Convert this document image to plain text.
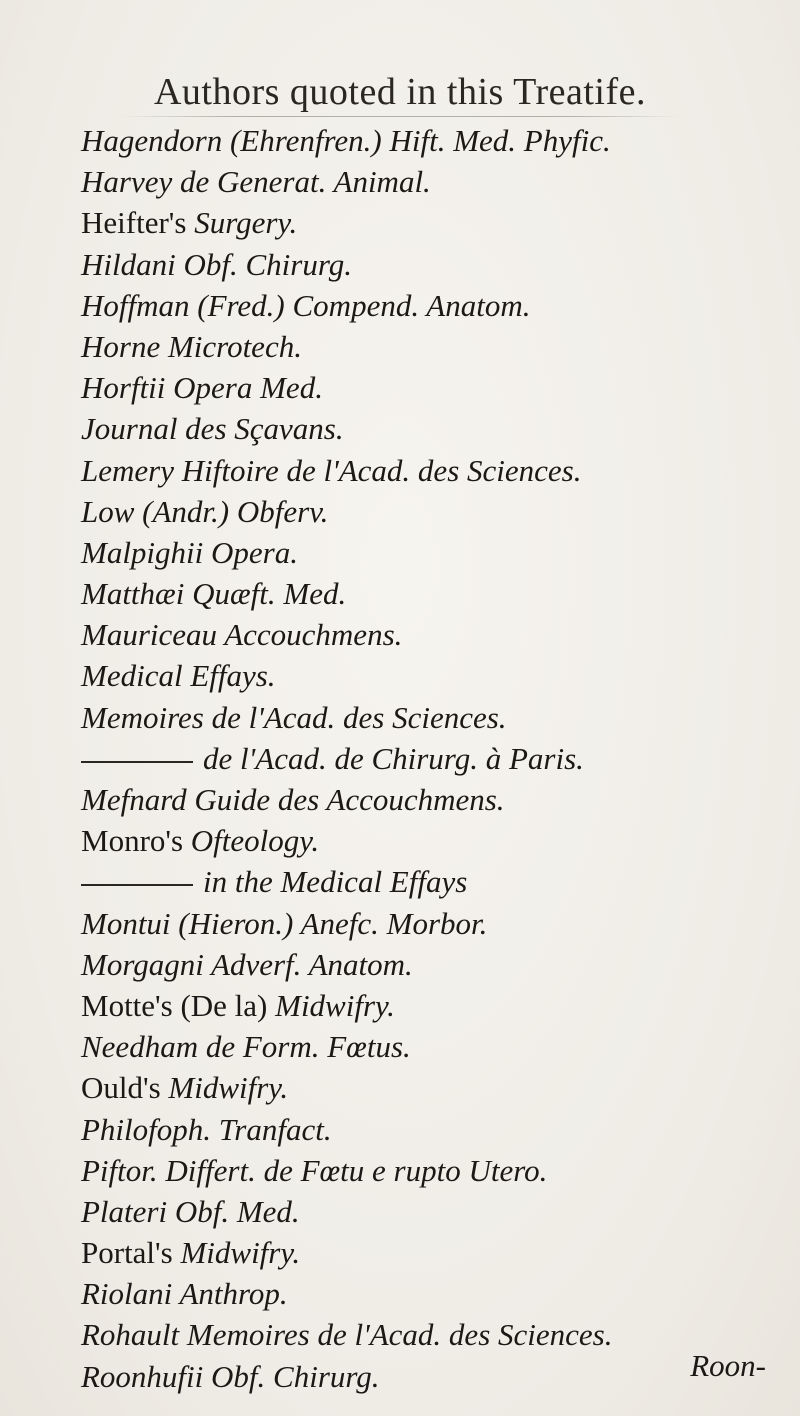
Authors quoted in this Treatife.
Hagendorn (Ehrenfren.) Hift. Med. Phyfic.
Harvey de Generat. Animal.
Heifter's Surgery.
Hildani Obf. Chirurg.
Hoffman (Fred.) Compend. Anatom.
Horne Microtech.
Horftii Opera Med.
Journal des Sçavans.
Lemery Hiftoire de l'Acad. des Sciences.
Low (Andr.) Obferv.
Malpighii Opera.
Matthæi Quæft. Med.
Mauriceau Accouchmens.
Medical Effays.
Memoires de l'Acad. des Sciences.
de l'Acad. de Chirurg. à Paris.
Mefnard Guide des Accouchmens.
Monro's Ofteology.
in the Medical Effays
Montui (Hieron.) Anefc. Morbor.
Morgagni Adverf. Anatom.
Motte's (De la) Midwifry.
Needham de Form. Fœtus.
Ould's Midwifry.
Philofoph. Tranfact.
Piftor. Differt. de Fœtu e rupto Utero.
Plateri Obf. Med.
Portal's Midwifry.
Riolani Anthrop.
Rohault Memoires de l'Acad. des Sciences.
Roonhufii Obf. Chirurg.	Roon-
